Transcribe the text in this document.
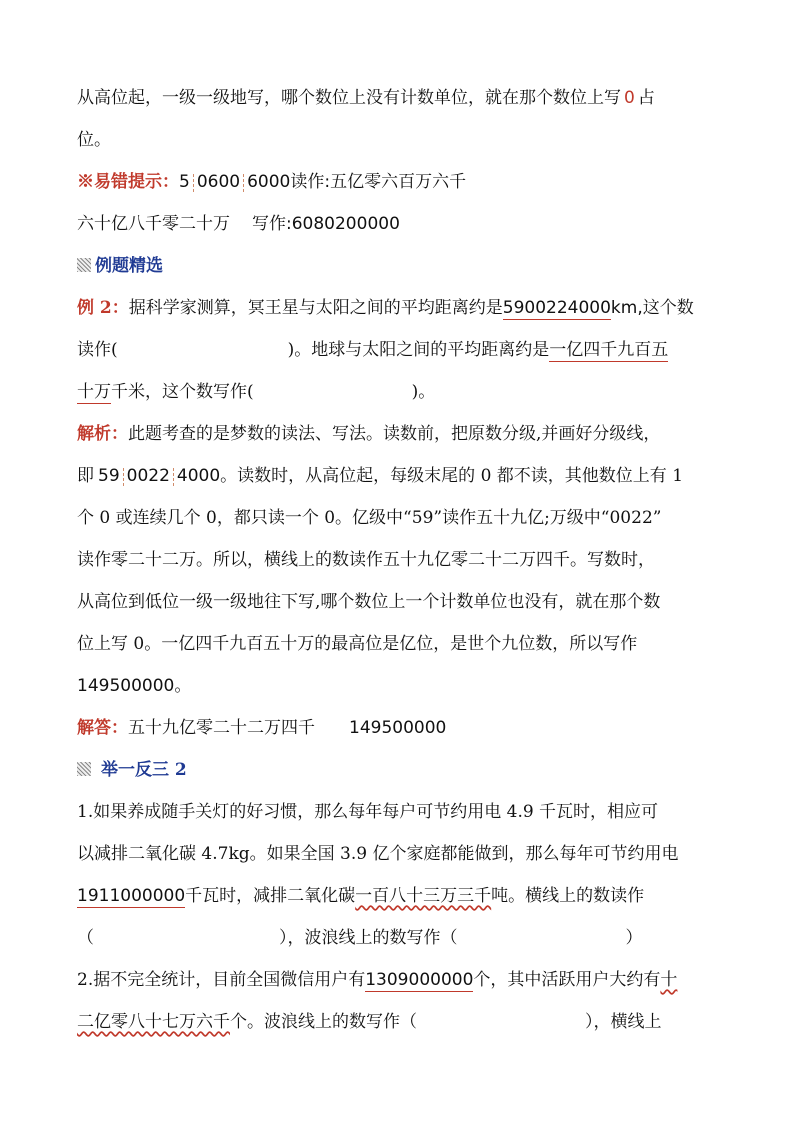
从高位起，一级一级地写，哪个数位上没有计数单位，就在那个数位上写 0 占
位。
※易错提示：5 0600 6000读作:五亿零六百万六千
六十亿八千零二十万 写作:6080200000
例题精选
例 2：据科学家测算，冥王星与太阳之间的平均距离约是5900224000km,这个数
读作(	)。地球与太阳之间的平均距离约是一亿四千九百五
十万千米，这个数写作(	)。
解析：此题考查的是梦数的读法、写法。读数前，把原数分级,并画好分级线，
即 59 0022 4000。读数时，从高位起，每级末尾的 0 都不读，其他数位上有 1
个 0 或连续几个 0，都只读一个 0。亿级中“59”读作五十九亿;万级中“0022”
读作零二十二万。所以，横线上的数读作五十九亿零二十二万四千。写数时，
从高位到低位一级一级地往下写,哪个数位上一个计数单位也没有，就在那个数
位上写 0。一亿四千九百五十万的最高位是亿位，是世个九位数，所以写作
149500000。
解答：五十九亿零二十二万四千 149500000
举一反三 2
1.如果养成随手关灯的好习惯，那么每年每户可节约用电 4.9 千瓦时，相应可
以减排二氧化碳 4.7kg。如果全国 3.9 亿个家庭都能做到，那么每年可节约用电
1911000000千瓦时，减排二氧化碳一百八十三万三千吨。横线上的数读作
（	），波浪线上的数写作（	）
2.据不完全统计，目前全国微信用户有1309000000个，其中活跃用户大约有十
二亿零八十七万六千个。波浪线上的数写作（	），横线上
